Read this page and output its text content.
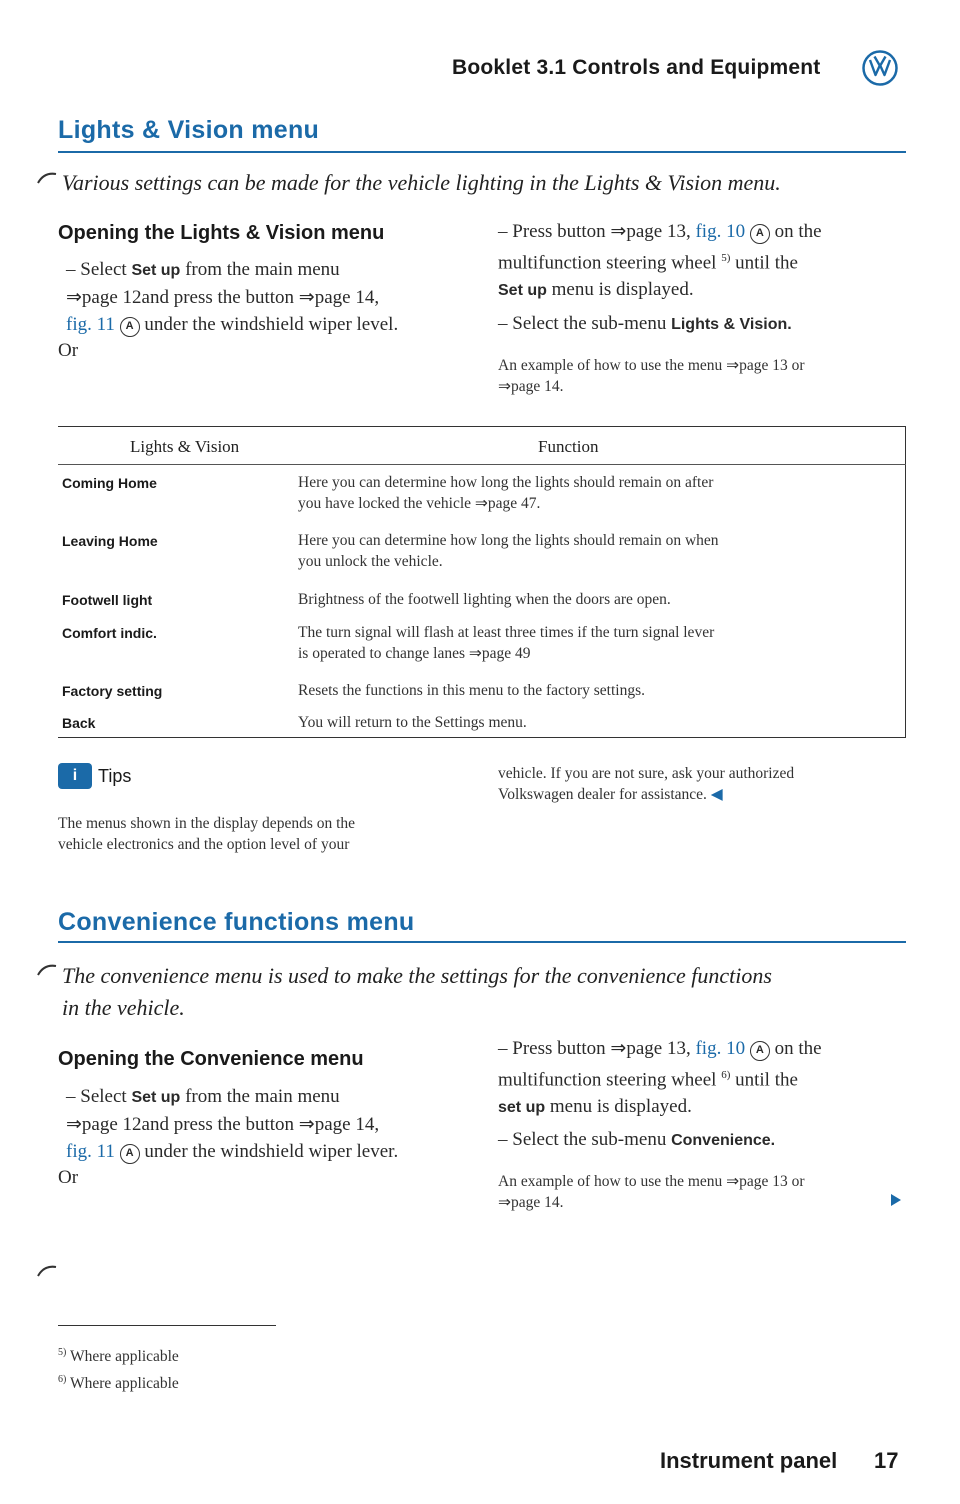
Booklet 3.1 Controls and Equipment
Lights & Vision menu
Various settings can be made for the vehicle lighting in the Lights & Vision menu.
Opening the Lights & Vision menu
– Select Set up from the main menu
⇒page 12and press the button ⇒page 14,
fig. 11 A under the windshield wiper level.
Or
– Press button ⇒page 13, fig. 10 A on the
multifunction steering wheel $^{5)}$ until the
Set up menu is displayed.
– Select the sub-menu Lights & Vision.
An example of how to use the menu ⇒page 13 or
⇒page 14.
Lights & Vision	Function
Coming Home	Here you can determine how long the lights should remain on after
you have locked the vehicle ⇒page 47.
Leaving Home	Here you can determine how long the lights should remain on when
you unlock the vehicle.
Footwell light	Brightness of the footwell lighting when the doors are open.
Comfort indic.	The turn signal will flash at least three times if the turn signal lever
is operated to change lanes ⇒page 49
Factory setting	Resets the functions in this menu to the factory settings.
Back	You will return to the Settings menu.
i	Tips
The menus shown in the display depends on the
vehicle electronics and the option level of your
vehicle. If you are not sure, ask your authorized
Volkswagen dealer for assistance. ◀
Convenience functions menu
The convenience menu is used to make the settings for the convenience functions
in the vehicle.
Opening the Convenience menu
– Select Set up from the main menu
⇒page 12and press the button ⇒page 14,
fig. 11 A under the windshield wiper lever.
Or
– Press button ⇒page 13, fig. 10 A on the
multifunction steering wheel $^{6)}$ until the
set up menu is displayed.
– Select the sub-menu Convenience.
An example of how to use the menu ⇒page 13 or
⇒page 14.
$^{5)}$ Where applicable
$^{6)}$ Where applicable
Instrument panel 17
